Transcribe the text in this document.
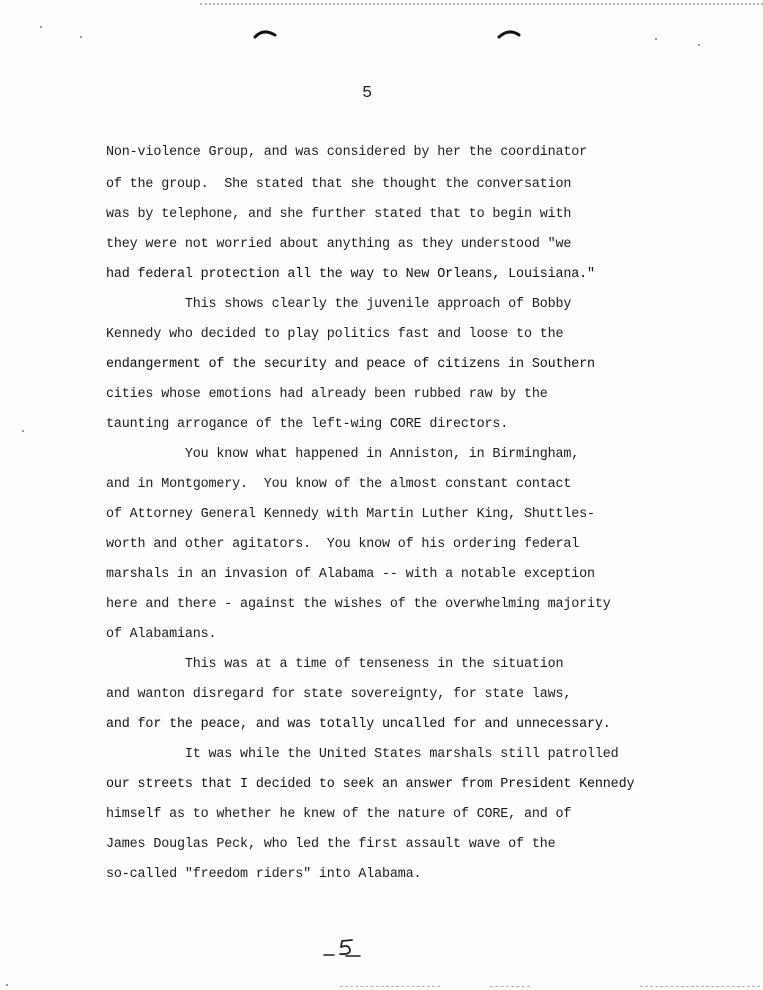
5
Non-violence Group, and was considered by her the coordinator
of the group.  She stated that she thought the conversation
was by telephone, and she further stated that to begin with
they were not worried about anything as they understood "we
had federal protection all the way to New Orleans, Louisiana."
This shows clearly the juvenile approach of Bobby
Kennedy who decided to play politics fast and loose to the
endangerment of the security and peace of citizens in Southern
cities whose emotions had already been rubbed raw by the
taunting arrogance of the left-wing CORE directors.
You know what happened in Anniston, in Birmingham,
and in Montgomery.  You know of the almost constant contact
of Attorney General Kennedy with Martin Luther King, Shuttles-
worth and other agitators.  You know of his ordering federal
marshals in an invasion of Alabama -- with a notable exception
here and there - against the wishes of the overwhelming majority
of Alabamians.
This was at a time of tenseness in the situation
and wanton disregard for state sovereignty, for state laws,
and for the peace, and was totally uncalled for and unnecessary.
It was while the United States marshals still patrolled
our streets that I decided to seek an answer from President Kennedy
himself as to whether he knew of the nature of CORE, and of
James Douglas Peck, who led the first assault wave of the
so-called "freedom riders" into Alabama.
